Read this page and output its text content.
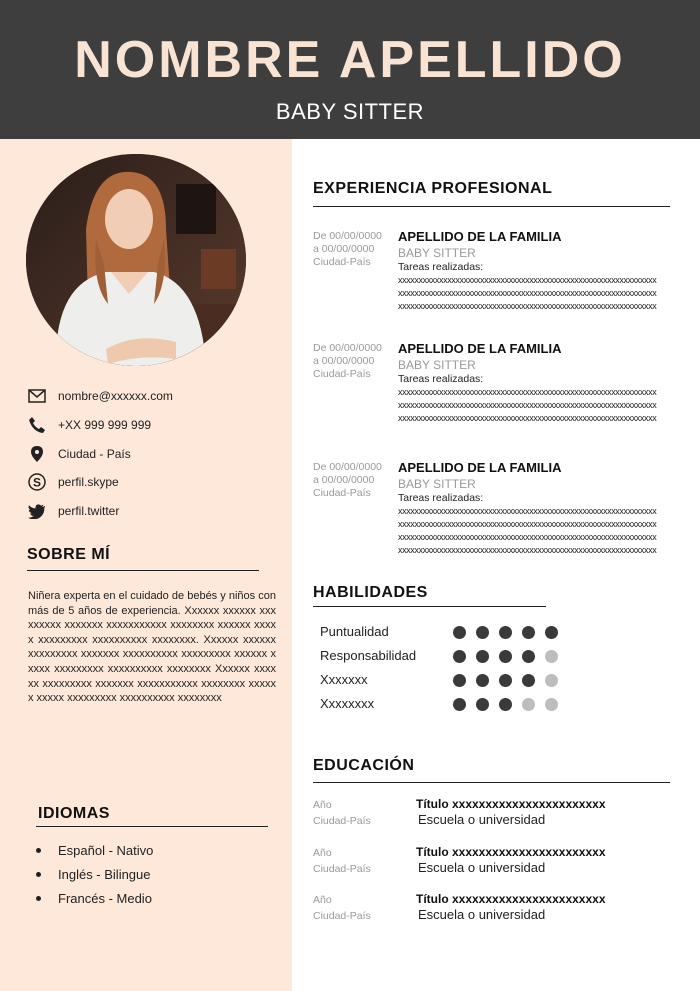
NOMBRE APELLIDO
BABY SITTER
nombre@xxxxxx.com
+XX 999 999 999
Ciudad - País
S perfil.skype
perfil.twitter
SOBRE MÍ
Niñera experta en el cuidado de bebés y niños con más de 5 años de experiencia. Xxxxxx xxxxxx xxxxxxxxx xxxxxxx xxxxxxxxxxx xxxxxxxx xxxxxx xxxxx xxxxxxxxx xxxxxxxxxx xxxxxxxx. Xxxxxx xxxxxx xxxxxxxxx xxxxxxx xxxxxxxxxx xxxxxxxxx xxxxxx xxxxx xxxxxxxxx xxxxxxxxxx xxxxxxxx Xxxxxx xxxxxx xxxxxxxxx xxxxxxx xxxxxxxxxxx xxxxxxxx xxxxxx xxxxx xxxxxxxxx xxxxxxxxxx xxxxxxxx
IDIOMAS
Español - Nativo
Inglés - Bilingue
Francés - Medio
EXPERIENCIA PROFESIONAL
De 00/00/0000
a 00/00/0000
Ciudad-País
APELLIDO DE LA FAMILIA
BABY SITTER
Tareas realizadas:
xxxxxxxxxxxxxxxxxxxxxxxxxxxxxxxxxxxxxxxxxxxxxxxxxxxxxxxxxxxxxxx
xxxxxxxxxxxxxxxxxxxxxxxxxxxxxxxxxxxxxxxxxxxxxxxxxxxxxxxxxxxxxxx
xxxxxxxxxxxxxxxxxxxxxxxxxxxxxxxxxxxxxxxxxxxxxxxxxxxxxxxxxxxxxxx
De 00/00/0000
a 00/00/0000
Ciudad-País
APELLIDO DE LA FAMILIA
BABY SITTER
Tareas realizadas:
xxxxxxxxxxxxxxxxxxxxxxxxxxxxxxxxxxxxxxxxxxxxxxxxxxxxxxxxxxxxxxx
xxxxxxxxxxxxxxxxxxxxxxxxxxxxxxxxxxxxxxxxxxxxxxxxxxxxxxxxxxxxxxx
xxxxxxxxxxxxxxxxxxxxxxxxxxxxxxxxxxxxxxxxxxxxxxxxxxxxxxxxxxxxxxx
De 00/00/0000
a 00/00/0000
Ciudad-País
APELLIDO DE LA FAMILIA
BABY SITTER
Tareas realizadas:
xxxxxxxxxxxxxxxxxxxxxxxxxxxxxxxxxxxxxxxxxxxxxxxxxxxxxxxxxxxxxxx
xxxxxxxxxxxxxxxxxxxxxxxxxxxxxxxxxxxxxxxxxxxxxxxxxxxxxxxxxxxxxxx
xxxxxxxxxxxxxxxxxxxxxxxxxxxxxxxxxxxxxxxxxxxxxxxxxxxxxxxxxxxxxxx
xxxxxxxxxxxxxxxxxxxxxxxxxxxxxxxxxxxxxxxxxxxxxxxxxxxxxxxxxxxxxxx
HABILIDADES
Puntualidad
Responsabilidad
Xxxxxxx
Xxxxxxxx
EDUCACIÓN
Año
Ciudad-País
Título xxxxxxxxxxxxxxxxxxxxxxx
Escuela o universidad
Año
Ciudad-País
Título xxxxxxxxxxxxxxxxxxxxxxx
Escuela o universidad
Año
Ciudad-País
Título xxxxxxxxxxxxxxxxxxxxxxx
Escuela o universidad
